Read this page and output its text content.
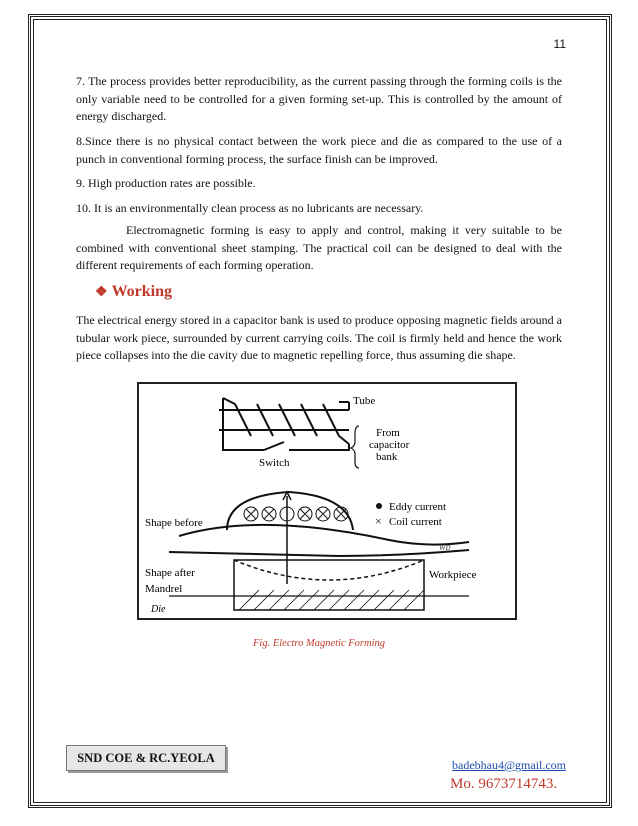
11

7. The process provides better reproducibility, as the current passing through the forming coils is the only variable need to be controlled for a given forming set-up. This is controlled by the amount of energy discharged.

8.Since there is no physical contact between the work piece and die as compared to the use of a punch in conventional forming process, the surface finish can be improved.

9. High production rates are possible.

10. It is an environmentally clean process as no lubricants are necessary.

Electromagnetic forming is easy to apply and control, making it very suitable to be combined with conventional sheet stamping. The practical coil can be designed to deal with the different requirements of each forming operation.

❖ Working

The electrical energy stored in a capacitor bank is used to produce opposing magnetic fields around a tubular work piece, surrounded by current carrying coils. The coil is firmly held and hence the work piece collapses into the die cavity due to magnetic repelling force, thus assuming die shape.

Tube
From
capacitor
bank
Switch
Eddy current
× Coil current
Shape before
Shape after
Mandrel
Workpiece
wp
Die
Fig. Electro Magnetic Forming
SND COE & RC.YEOLA
badebhau4@gmail.com
Mo. 9673714743.
